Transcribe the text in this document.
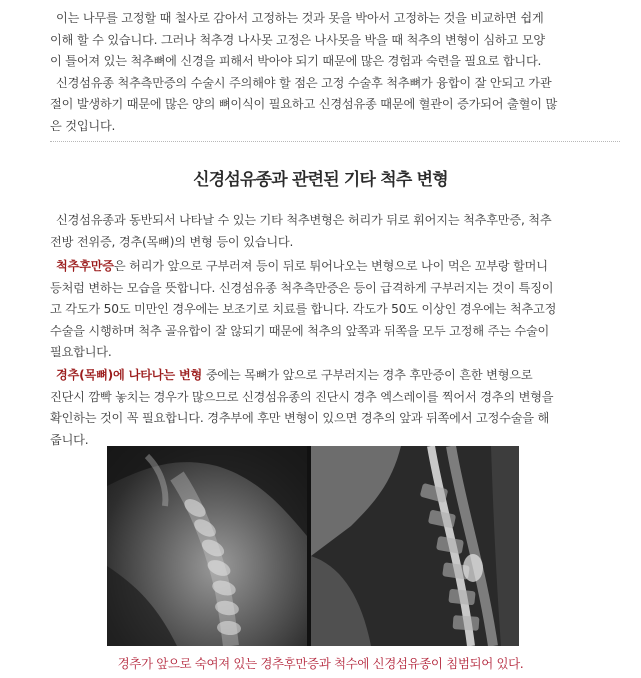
이는 나무를 고정할 때 철사로 감아서 고정하는 것과 못을 박아서 고정하는 것을 비교하면 쉽게
이해 할 수 있습니다. 그러나 척추경 나사못 고정은 나사못을 박을 때 척추의 변형이 심하고 모양
이 틀어져 있는 척추뼈에 신경을 피해서 박아야 되기 때문에 많은 경험과 숙련을 필요로 합니다.
신경섬유종 척추측만증의 수술시 주의해야 할 점은 고정 수술후 척추뼈가 융합이 잘 안되고 가관
절이 발생하기 때문에 많은 양의 뼈이식이 필요하고 신경섬유종 때문에 혈관이 증가되어 출혈이 많
은 것입니다.
신경섬유종과 관련된 기타 척추 변형
신경섬유종과 동반되서 나타날 수 있는 기타 척추변형은 허리가 뒤로 휘어지는 척추후만증, 척추
전방 전위증, 경추(목뼈)의 변형 등이 있습니다.
척추후만증은 허리가 앞으로 구부러져 등이 뒤로 튀어나오는 변형으로 나이 먹은 꼬부랑 할머니
등처럼 변하는 모습을 뜻합니다. 신경섬유종 척추측만증은 등이 급격하게 구부러지는 것이 특징이
고 각도가 50도 미만인 경우에는 보조기로 치료를 합니다. 각도가 50도 이상인 경우에는 척추고정
수술을 시행하며 척추 골유합이 잘 않되기 때문에 척추의 앞쪽과 뒤쪽을 모두 고정해 주는 수술이
필요합니다.
경추(목뼈)에 나타나는 변형 중에는 목뼈가 앞으로 구부러지는 경추 후만증이 흔한 변형으로
진단시 깜빡 놓치는 경우가 많으므로 신경섬유종의 진단시 경추 엑스레이를 찍어서 경추의 변형을
확인하는 것이 꼭 필요합니다. 경추부에 후만 변형이 있으면 경추의 앞과 뒤쪽에서 고정수술을 해
줍니다.
경추가 앞으로 숙여져 있는 경추후만증과 척수에 신경섬유종이 침범되어 있다.
